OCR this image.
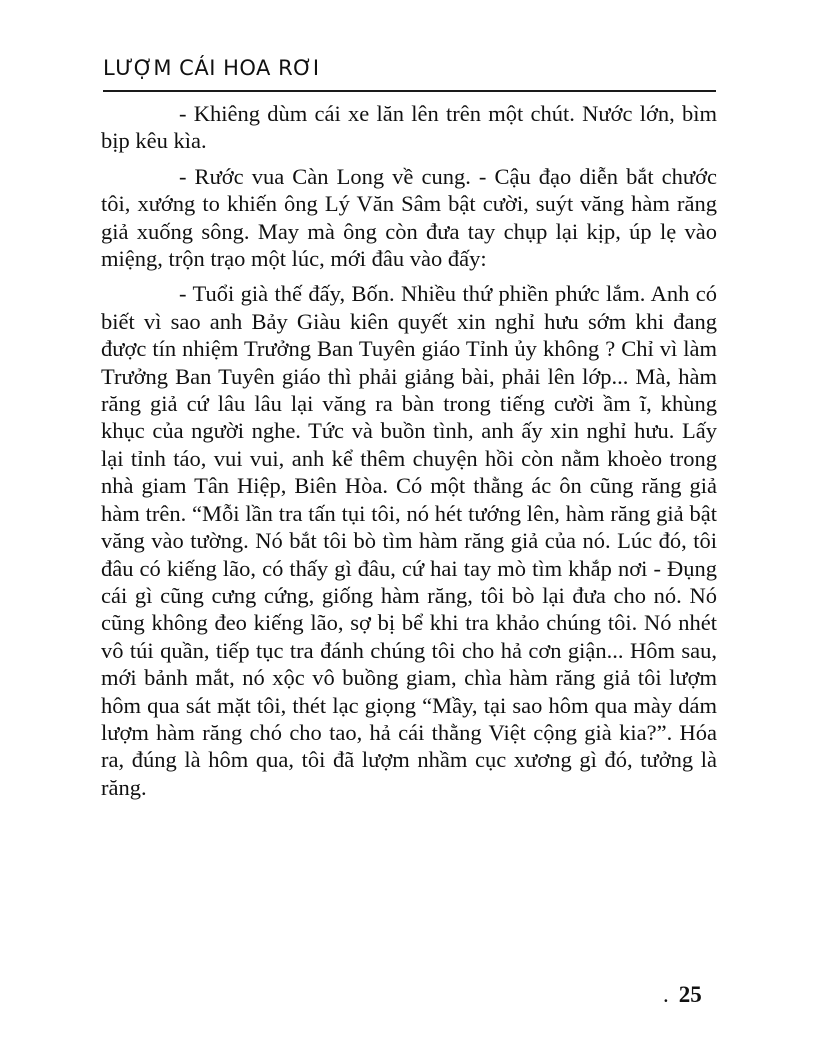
LƯỢM CÁI HOA RƠI

- Khiêng dùm cái xe lăn lên trên một chút. Nước lớn, bìm bịp kêu kìa.

- Rước vua Càn Long về cung. - Cậu đạo diễn bắt chước tôi, xướng to khiến ông Lý Văn Sâm bật cười, suýt văng hàm răng giả xuống sông. May mà ông còn đưa tay chụp lại kịp, úp lẹ vào miệng, trộn trạo một lúc, mới đâu vào đấy:

- Tuổi già thế đấy, Bốn. Nhiều thứ phiền phức lắm. Anh có biết vì sao anh Bảy Giàu kiên quyết xin nghỉ hưu sớm khi đang được tín nhiệm Trưởng Ban Tuyên giáo Tỉnh ủy không ? Chỉ vì làm Trưởng Ban Tuyên giáo thì phải giảng bài, phải lên lớp... Mà, hàm răng giả cứ lâu lâu lại văng ra bàn trong tiếng cười ầm ĩ, khùng khục của người nghe. Tức và buồn tình, anh ấy xin nghỉ hưu. Lấy lại tỉnh táo, vui vui, anh kể thêm chuyện hồi còn nằm khoèo trong nhà giam Tân Hiệp, Biên Hòa. Có một thằng ác ôn cũng răng giả hàm trên. “Mỗi lần tra tấn tụi tôi, nó hét tướng lên, hàm răng giả bật văng vào tường. Nó bắt tôi bò tìm hàm răng giả của nó. Lúc đó, tôi đâu có kiếng lão, có thấy gì đâu, cứ hai tay mò tìm khắp nơi - Đụng cái gì cũng cưng cứng, giống hàm răng, tôi bò lại đưa cho nó. Nó cũng không đeo kiếng lão, sợ bị bể khi tra khảo chúng tôi. Nó nhét vô túi quần, tiếp tục tra đánh chúng tôi cho hả cơn giận... Hôm sau, mới bảnh mắt, nó xộc vô buồng giam, chìa hàm răng giả tôi lượm hôm qua sát mặt tôi, thét lạc giọng “Mầy, tại sao hôm qua mày dám lượm hàm răng chó cho tao, hả cái thằng Việt cộng già kia?”. Hóa ra, đúng là hôm qua, tôi đã lượm nhầm cục xương gì đó, tưởng là răng.

. 25
